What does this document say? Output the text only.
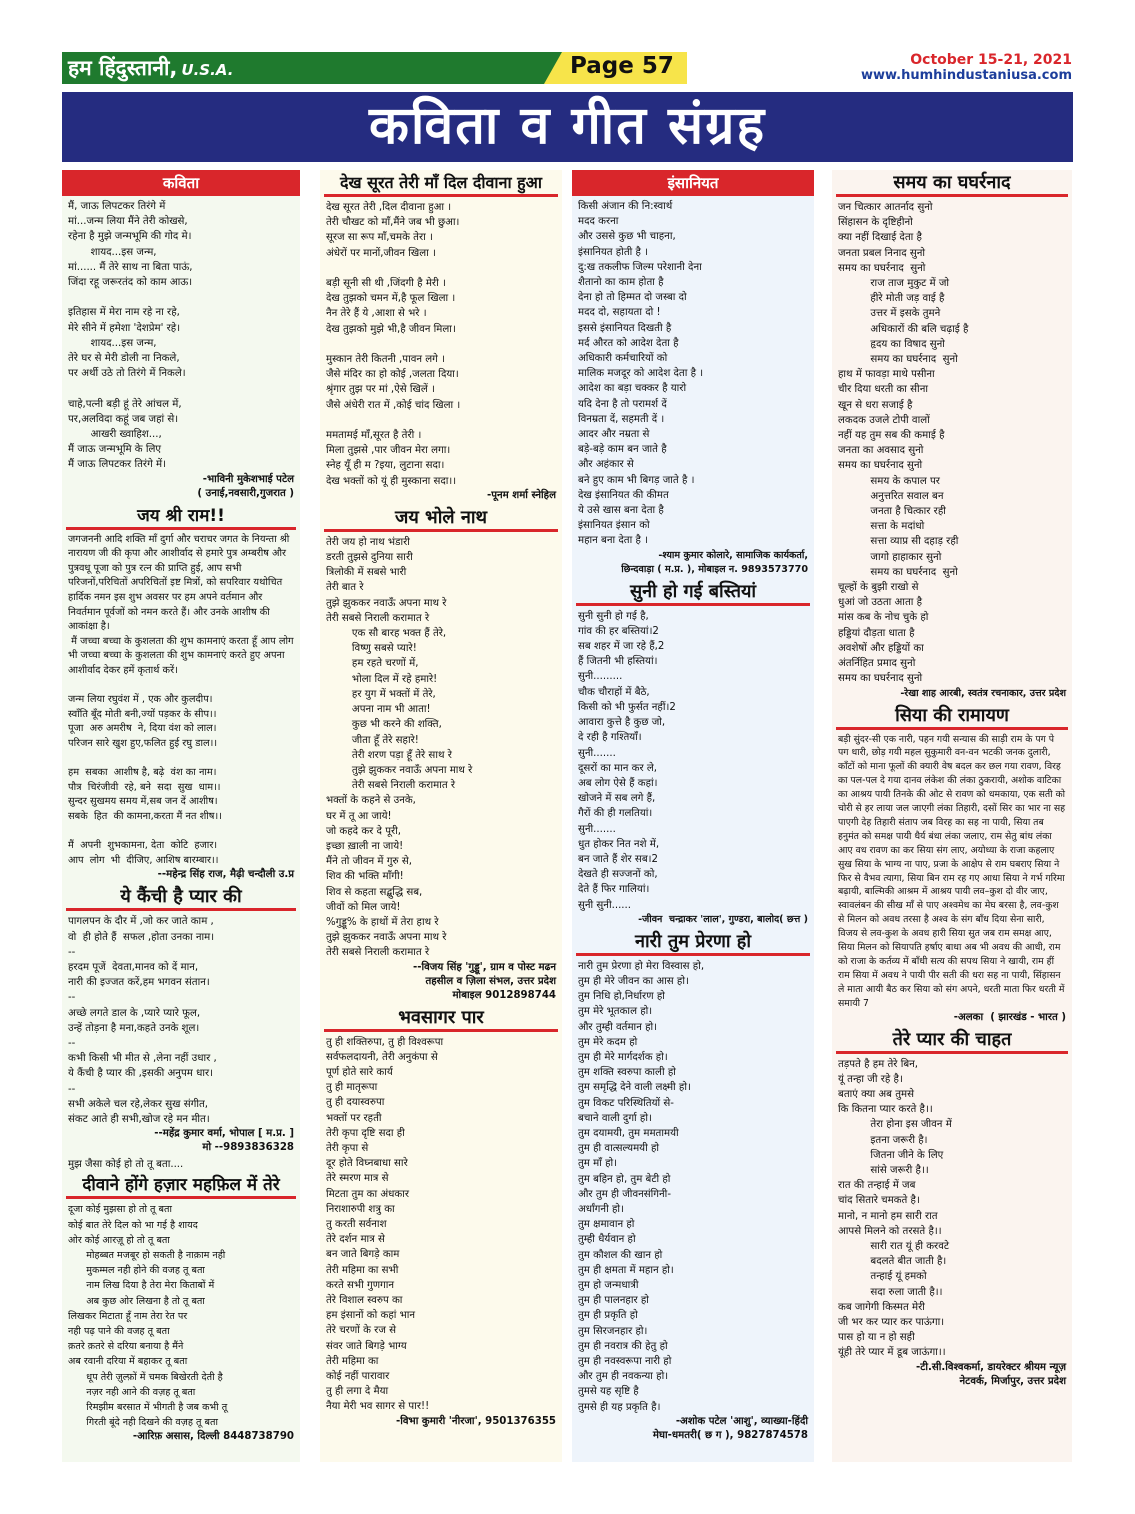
हम हिंदुस्तानी, U.S.A.	Page 57	October 15-21, 2021
www.humhindustaniusa.com
कविता व गीत संग्रह
कविता
मैं, जाऊ लिपटकर तिरंगे में
मां...जन्म लिया मैंने तेरी कोखसे,
रहेना है मुझे जन्मभूमि की गोद मे।
शायद...इस जन्म,
मां...... मैं तेरे साथ ना बिता पाऊं,
जिंदा रहू जरूरतंद को काम आऊ।

इतिहास में मेरा नाम रहे ना रहे,
मेरे सीने में हमेशा 'देशप्रेम' रहे।
शायद...इस जन्म,
तेरे घर से मेरी डोली ना निकले,
पर अर्थी उठे तो तिरंगे में निकले।

चाहे,पत्नी बड़ी हूं तेरे आंचल में,
पर,अलविदा कहूं जब जहां से।
आखरी ख्वाहिश...,
मैं जाऊ जन्मभूमि के लिए
मैं जाऊ लिपटकर तिरंगे में।
-भाविनी मुकेशभाई पटेल
( उनाई,नवसारी,गुजरात )
जय श्री राम!!
जगजननी आदि शक्ति माँ दुर्गा और चराचर जगत के नियन्ता श्री नारायण जी की कृपा और आशीर्वाद से हमारे पुत्र अम्बरीष और पुत्रवधू पूजा को पुत्र रत्न की प्राप्ति हुई, आप सभी परिजनों,परिचितों अपरिचितों इष्ट मित्रों, को सपरिवार यथोचित हार्दिक नमन इस शुभ अवसर पर हम अपने वर्तमान और निवर्तमान पूर्वजों को नमन करते हैं। और उनके आशीष की आकांक्षा है।
मैं जच्चा बच्चा के कुशलता की शुभ कामनाएं करता हूँ आप लोग भी जच्चा बच्चा के कुशलता की शुभ कामनाएं करते हुए अपना आशीर्वाद देकर हमें कृतार्थ करें।

जन्म लिया रघुवंश में , एक और कुलदीप।
स्वाँति बूँद मोती बनी,ज्यों पड़कर के सीप।।
पूजा  अरु अमरीष  ने, दिया वंश को लाल।
परिजन सारे खुश हुए,फलित हुई रघु डाल।।

हम  सबका  आशीष है, बढ़े  वंश का नाम।
पौत्र  चिरंजीवी  रहे, बने  सदा  सुख  धाम।।
सुन्दर सुखमय समय में,सब जन दें आशीष।
सबके  हित  की कामना,करता मैं नत शीष।।

मैं  अपनी  शुभकामना, देता  कोटि  हजार।
आप  लोग  भी  दीजिए, आशिष बारम्बार।।
--महेन्द्र सिंह राज, मैढ़ी चन्दौली उ.प्र
ये कैंची है प्यार की
पागलपन के दौर में ,जो कर जाते काम ,
वो  ही होते हैं  सफल ,होता उनका नाम।
--
हरदम पूजें  देवता,मानव को दें मान,
नारी की इज्जत करें,हम भगवन संतान।
--
अच्छे लगते डाल के ,प्यारे प्यारे फूल,
उन्हें तोड़ना है मना,कहते उनके शूल।
--
कभी किसी भी मीत से ,लेना नहीं उधार ,
ये कैंची है प्यार की ,इसकी अनुपम धार।
--
सभी अकेले चल रहे,लेकर सुख संगीत,
संकट आते ही सभी,खोज रहे मन मीत।
--महेंद्र कुमार वर्मा, भोपाल [ म.प्र. ]
मो --9893836328
मुझ जैसा कोई हो तो तू बता....
दीवाने होंगे हज़ार महफ़िल में तेरे
दूजा कोई मुझसा हो तो तू बता
कोई बात तेरे दिल को भा गई है शायद
ओर कोई आरज़ू हो तो तू बता
मोहब्बत मजबूर हो सकती है नाक़ाम नही
मुकम्मल नही होने की वजह तू बता
नाम लिख दिया है तेरा मेरा किताबों में
अब कुछ ओर लिखना है तो तू बता
लिखकर मिटाता हूँ नाम तेरा रेत पर
नही पढ़ पाने की वजह तू बता
क़तरे क़तरे से दरिया बनाया है मैंने
अब रवानी दरिया में बहाकर तू बता
धूप तेरी ज़ुल्फ़ों में चमक बिखेरती देती है
नज़र नही आने की वज़ह तू बता
रिमझीम बरसात में भीगती है जब कभी तू
गिरती बूंदे नही दिखने की वज़ह तू बता
-आरिफ़ असास, दिल्ली 8448738790
देख सूरत तेरी माँ दिल दीवाना हुआ
देख सूरत तेरी ,दिल दीवाना हुआ ।
तेरी चौखट को माँ,मैंने जब भी छुआ।
सूरज सा रूप माँ,चमके तेरा ।
अंधेरों पर मानों,जीवन खिला ।

बड़ी सूनी सी थी ,जिंदगी है मेरी ।
देख तुझको चमन में,है फूल खिला ।
नैन तेरे हैं ये ,आशा से भरे ।
देख तुझको मुझे भी,है जीवन मिला।

मुस्कान तेरी कितनी ,पावन लगे ।
जैसे मंदिर का हो कोई ,जलता दिया।
श्रृंगार तुझ पर मां ,ऐसे खिलें ।
जैसे अंधेरी रात में ,कोई चांद खिला ।

ममतामई माँ,सूरत है तेरी ।
मिला तुझसे ,पार जीवन मेरा लगा।
स्नेह यूँ ही म ?इया, लुटाना सदा।
देख भक्तों को यूं ही मुस्काना सदा।।
-पूनम शर्मा स्नेहिल
जय भोले नाथ
तेरी जय हो नाथ भंडारी
डरती तुझसे दुनिया सारी
त्रिलोकी में सबसे भारी
तेरी बात रे
तुझे झुककर नवाऊँ अपना माथ रे
तेरी सबसे निराली करामात रे
एक सौ बारह भक्त हैं तेरे,
विष्णु सबसे प्यारे!
हम रहते चरणों में,
भोला दिल में रहे हमारे!
हर युग में भक्तों में तेरे,
अपना नाम भी आता!
कुछ भी करने की शक्ति,
जीता हूँ तेरे सहारे!
तेरी शरण पड़ा हूँ तेरे साथ रे
तुझे झुककर नवाऊँ अपना माथ रे
तेरी सबसे निराली करामात रे
भक्तों के कहने से उनके,
घर में तू आ जाये!
जो कहदे कर दे पूरी,
इच्छा ख़ाली ना जाये!
मैंने तो जीवन में गुरु से,
शिव की भक्ति माँगी!
शिव से कहता सद्बुद्धि सब,
जीवों को मिल जाये!
%गुड्डू% के हाथों में तेरा हाथ रे
तुझे झुककर नवाऊँ अपना माथ रे
तेरी सबसे निराली करामात रे
--विजय सिंह 'गुड्डू', ग्राम व पोस्ट मढन
तहसील व ज़िला संभल, उत्तर प्रदेश
मोबाइल 9012898744
भवसागर पार
तु ही शक्तिरुपा, तु ही विश्वरूपा
सर्वफलदायनी, तेरी अनुकंपा से
पूर्ण होते सारे कार्य
तु ही मातृरूपा
तु ही दयास्वरुपा
भक्तों पर रहती
तेरी कृपा दृष्टि सदा ही
तेरी कृपा से
दूर होते विघ्नबाधा सारे
तेरे स्मरण मात्र से
मिटता तुम का अंधकार
निराशारुपी शत्रु का
तु करती सर्वनाश
तेरे दर्शन मात्र से
बन जाते बिगड़े काम
तेरी महिमा का सभी
करते सभी गुणगान
तेरे विशाल स्वरुप का
हम इंसानों को कहां भान
तेरे चरणों के रज से
संवर जाते बिगड़े भाग्य
तेरी महिमा का
कोई नहीं पारावार
तु ही लगा दे मैया
नैया मेरी भव सागर से पार!!
-विभा कुमारी 'नीरजा', 9501376355
इंसानियत
किसी अंजान की नि:स्वार्थ
मदद करना
और उससे कुछ भी चाहना,
इंसानियत होती है ।
दु:ख तकलीफ जिल्म परेशानी देना
शैतानो का काम होता है
देना हो तो हिम्मत दो जस्बा दो
मदद दो, सहायता दो !
इससे इंसानियत दिखती है
मर्द औरत को आदेश देता है
अधिकारी कर्मचारियों को
मालिक मजदूर को आदेश देता है ।
आदेश का बड़ा चक्कर है यारो
यदि देना है तो परामर्श दें
विनम्रता दें, सहमती दें ।
आदर और नम्रता से
बड़े-बड़े काम बन जाते है
और अहंकार से
बने हुए काम भी बिगड़ जाते है ।
देख इंसानियत की कीमत
ये उसे खास बना देता है
इंसानियत इंसान को
महान बना देता है ।
-श्याम कुमार कोलारे, सामाजिक कार्यकर्ता,
छिन्दवाड़ा ( म.प्र. ), मोबाइल न. 9893573770
सुनी हो गई बस्तियां
सुनी सुनी हो गई है,
गांव की हर बस्तियां।2
सब शहर में जा रहे हैं,2
हैं जितनी भी हस्तियां।
सुनी.........
चौक चौराहों में बैठे,
किसी को भी फुर्सत नहीं।2
आवारा कुत्ते है कुछ जो,
दे रही है गश्तियाँ।
सुनी.......
दूसरों का मान कर ले,
अब लोग ऐसे हैं कहां।
खोजने में सब लगे हैं,
गैरों की ही गलतियां।
सुनी.......
धुत होकर नित नशे में,
बन जाते हैं शेर सब।2
देखते ही सज्जनों को,
देते हैं फिर गालियां।
सुनी सुनी......
-जीवन  चन्द्राकर 'लाल', गुण्डरा, बालोद( छ्त्त )
नारी तुम प्रेरणा हो
नारी तुम प्रेरणा हो मेरा विस्वास हो,
तुम ही मेरे जीवन का आस हो।
तुम निधि हो,निर्धारण हो
तुम मेरे भूतकाल हो।
और तुम्ही वर्तमान हो।
तुम मेरे कदम हो
तुम ही मेरे मार्गदर्शक हो।
तुम शक्ति स्वरुपा काली हो
तुम समृद्धि देने वाली लक्ष्मी हो।
तुम विकट परिस्थितियों से-
बचाने वाली दुर्गा हो।
तुम दयामयी, तुम ममतामयी
तुम ही वात्सल्यमयी हो
तुम माँ हो।
तुम बहिन हो, तुम बेटी हो
और तुम ही जीवनसंगिनी-
अर्धांगनी हो।
तुम क्षमावान हो
तुम्ही धैर्यवान हो
तुम कौशल की खान हो
तुम ही क्षमता में महान हो।
तुम हो जन्मधात्री
तुम ही पालनहार हो
तुम ही प्रकृति हो
तुम सिरजनहार हो।
तुम ही नवरात्र की हेतु हो
तुम ही नवस्वरूपा नारी हो
और तुम ही नवकन्या हो।
तुमसे यह सृष्टि है
तुमसे ही यह प्रकृति है।
-अशोक पटेल 'आशु', व्याख्या-हिंदी
मेघा-धमतरी( छ ग ), 9827874578
समय का घघर्रनाद
जन चित्कार आतर्नाद सुनो
सिंहासन के दृष्टिहीनो
क्या नहीं दिखाई देता है
जनता प्रबल निनाद सुनो
समय का घघर्रनाद  सुनो
राज ताज मुकुट में जो
हीरे मोती जड़ वाई है
उत्तर में इसके तुमने
अधिकारों की बलि चढ़ाई है
हृदय का विषाद सुनो
समय का घघर्रनाद  सुनो
हाथ में फावड़ा माथे पसीना
चीर दिया धरती का सीना
खून से धरा सजाई है
लकदक उजले टोपी वालों
नहीं यह तुम सब की कमाई है
जनता का अवसाद सुनो
समय का घघर्रनाद सुनो
समय के कपाल पर
अनुत्तरित सवाल बन
जनता है चित्कार रही
सत्ता के मदांधो
सत्ता व्याप्र सी दहाड़ रही
जागो हाहाकार सुनो
समय का घघर्रनाद  सुनो
चूल्हों के बुझी राखो से
धुआं जो उठता आता है
मांस कब के नोच चुके हो
हड्डियां दौड़ता धाता है
अवशेषों और हड्डियों का
अंतर्निहित प्रमाद सुनो
समय का घघर्रनाद सुनो
-रेखा शाह आरबी, स्वतंत्र रचनाकार, उत्तर प्रदेश
सिया की रामायण
बड़ी सुंदर-सी एक नारी, पहन गयी सन्यास की साड़ी राम के पग पे पग धारी, छोड़ गयी महल सुकुमारी वन-वन भटकी जनक दुलारी, काँटों को माना फूलों की क्यारी वेष बदल कर छल गया रावण, विरह का पल-पल दे गया दानव लंकेश की लंका ठुकरायी, अशोक वाटिका का आश्रय पायी तिनके की ओट से रावण को धमकाया, एक सती को चोरी से हर लाया जल जाएगी लंका तिहारी, दसों सिर का भार ना सह पाएगी देह तिहारी संताप जब विरह का सह ना पायी, सिया तब हनुमंत को समक्ष पायी धैर्य बंधा लंका जलाए, राम सेतु बांध लंका आए वध रावण का कर सिया संग लाए, अयोध्या के राजा कहलाए सुख सिया के भाग्य ना पाए, प्रजा के आक्षेप से राम घबराए सिया ने फिर से वैभव त्यागा, सिया बिन राम रह गए आधा सिया ने गर्भ गरिमा बढ़ायी, बाल्मिकी आश्रम में आश्रय पायी लव–कुश दो वीर जाए, स्वावलंबन की सीख माँ से पाए अश्वमेध का मेघ बरसा है, लव-कुश से मिलन को अवध तरसा है अश्व के संग बाँध दिया सेना सारी, विजय से लव-कुश के अवध हारी सिया सुत जब राम समक्ष आए, सिया मिलन को सियापति हर्षाए बाधा अब भी अवध की आधी, राम को राजा के कर्तव्य में बाँधी सत्य की सपथ सिया ने खायी, राम हीं राम सिया में अवध ने पायी पीर सती की धरा सह ना पायी, सिंहासन ले माता आयी बैठ कर सिया को संग अपने, धरती माता फिर धरती में समायी 7
-अलका  ( झारखंड - भारत )
तेरे प्यार की चाहत
तड़पते है हम तेरे बिन,
यूं तन्हा जी रहे है।
बताएं क्या अब तुमसे
कि कितना प्यार करते है।।
तेरा होना इस जीवन में
इतना जरूरी है।
जितना जीने के लिए
सांसे जरूरी है।।
रात की तन्हाई में जब
चांद सितारे चमकते है।
मानो, न मानो हम सारी रात
आपसे मिलने को तरसते है।।
सारी रात यूं ही करवटे
बदलते बीत जाती है।
तन्हाई यूं हमको
सदा रुला जाती है।।
कब जागेगी किस्मत मेरी
जी भर कर प्यार कर पाऊंगा।
पास हो या न हो सही
यूंही तेरे प्यार में डूब जाऊंगा।।
-टी.सी.विश्वकर्मा, डायरेक्टर श्रीयम न्यूज़
नेटवर्क, मिर्जापुर, उत्तर प्रदेश
